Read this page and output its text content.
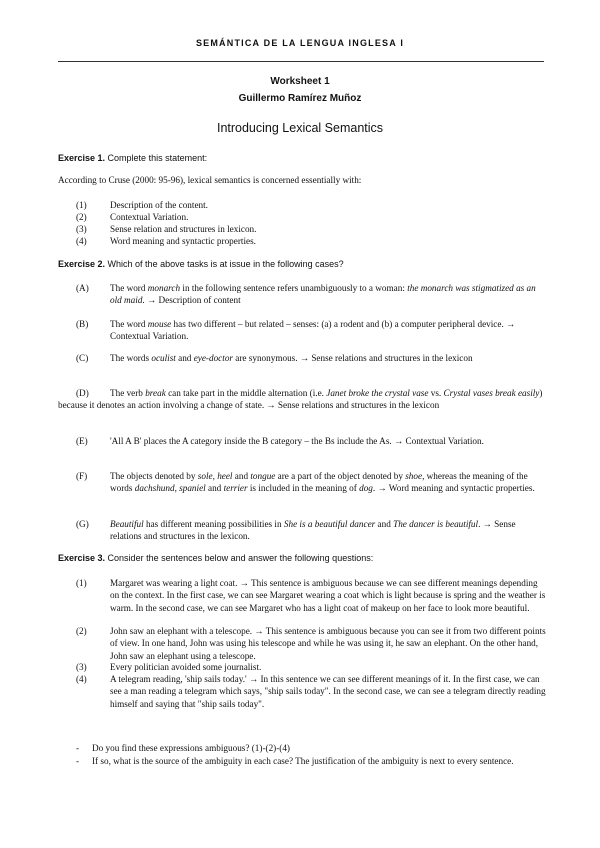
SEMÁNTICA DE LA LENGUA INGLESA I
Worksheet 1
Guillermo Ramírez Muñoz
Introducing Lexical Semantics
Exercise 1. Complete this statement:
According to Cruse (2000: 95-96), lexical semantics is concerned essentially with:
(1)	Description of the content.
(2)	Contextual Variation.
(3)	Sense relation and structures in lexicon.
(4)	Word meaning and syntactic properties.
Exercise 2. Which of the above tasks is at issue in the following cases?
(A)	The word monarch in the following sentence refers unambiguously to a woman: the monarch was stigmatized as an old maid. → Description of content
(B)	The word mouse has two different – but related – senses: (a) a rodent and (b) a computer peripheral device. → Contextual Variation.
(C)	The words oculist and eye-doctor are synonymous. → Sense relations and structures in the lexicon
(D) The verb break can take part in the middle alternation (i.e. Janet broke the crystal vase vs. Crystal vases break easily) because it denotes an action involving a change of state. → Sense relations and structures in the lexicon
(E)	'All A B' places the A category inside the B category – the Bs include the As. → Contextual Variation.
(F)	The objects denoted by sole, heel and tongue are a part of the object denoted by shoe, whereas the meaning of the words dachshund, spaniel and terrier is included in the meaning of dog. → Word meaning and syntactic properties.
(G)	Beautiful has different meaning possibilities in She is a beautiful dancer and The dancer is beautiful. → Sense relations and structures in the lexicon.
Exercise 3. Consider the sentences below and answer the following questions:
(1)	Margaret was wearing a light coat. → This sentence is ambiguous because we can see different meanings depending on the context. In the first case, we can see Margaret wearing a coat which is light because is spring and the weather is warm. In the second case, we can see Margaret who has a light coat of makeup on her face to look more beautiful.
(2)	John saw an elephant with a telescope. → This sentence is ambiguous because you can see it from two different points of view. In one hand, John was using his telescope and while he was using it, he saw an elephant. On the other hand, John saw an elephant using a telescope.
(3)	Every politician avoided some journalist.
(4)	A telegram reading, 'ship sails today.' → In this sentence we can see different meanings of it. In the first case, we can see a man reading a telegram which says, "ship sails today". In the second case, we can see a telegram directly reading himself and saying that "ship sails today".
- Do you find these expressions ambiguous? (1)-(2)-(4)
- If so, what is the source of the ambiguity in each case? The justification of the ambiguity is next to every sentence.
